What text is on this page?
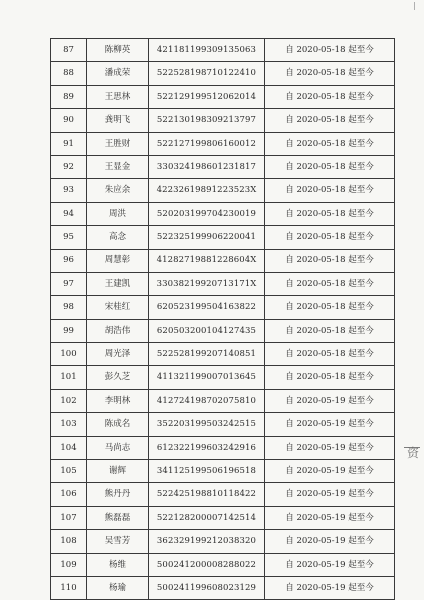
87	陈柳英	421181199309135063	自 2020-05-18 起至今
88	潘成荣	522528198710122410	自 2020-05-18 起至今
89	王思林	522129199512062014	自 2020-05-18 起至今
90	龚明飞	522130198309213797	自 2020-05-18 起至今
91	王胜财	522127199806160012	自 2020-05-18 起至今
92	王显金	330324198601231817	自 2020-05-18 起至今
93	朱应余	42232619891223523X	自 2020-05-18 起至今
94	周洪	520203199704230019	自 2020-05-18 起至今
95	高念	522325199906220041	自 2020-05-18 起至今
96	周慧彰	41282719881228604X	自 2020-05-18 起至今
97	王建凯	33038219920713171X	自 2020-05-18 起至今
98	宋桂红	620523199504163822	自 2020-05-18 起至今
99	胡浩伟	620503200104127435	自 2020-05-18 起至今
100	周光泽	522528199207140851	自 2020-05-18 起至今
101	彭久芝	411321199007013645	自 2020-05-18 起至今
102	李明林	412724198702075810	自 2020-05-19 起至今
103	陈成名	352203199503242515	自 2020-05-19 起至今
104	马尚志	612322199603242916	自 2020-05-19 起至今
105	谢辉	341125199506196518	自 2020-05-19 起至今
106	熊丹丹	522425198810118422	自 2020-05-19 起至今
107	熊磊磊	522128200007142514	自 2020-05-19 起至今
108	吴雪芳	362329199212038320	自 2020-05-19 起至今
109	杨维	500241200008288022	自 2020-05-19 起至今
110	杨瑜	500241199608023129	自 2020-05-19 起至今
资
